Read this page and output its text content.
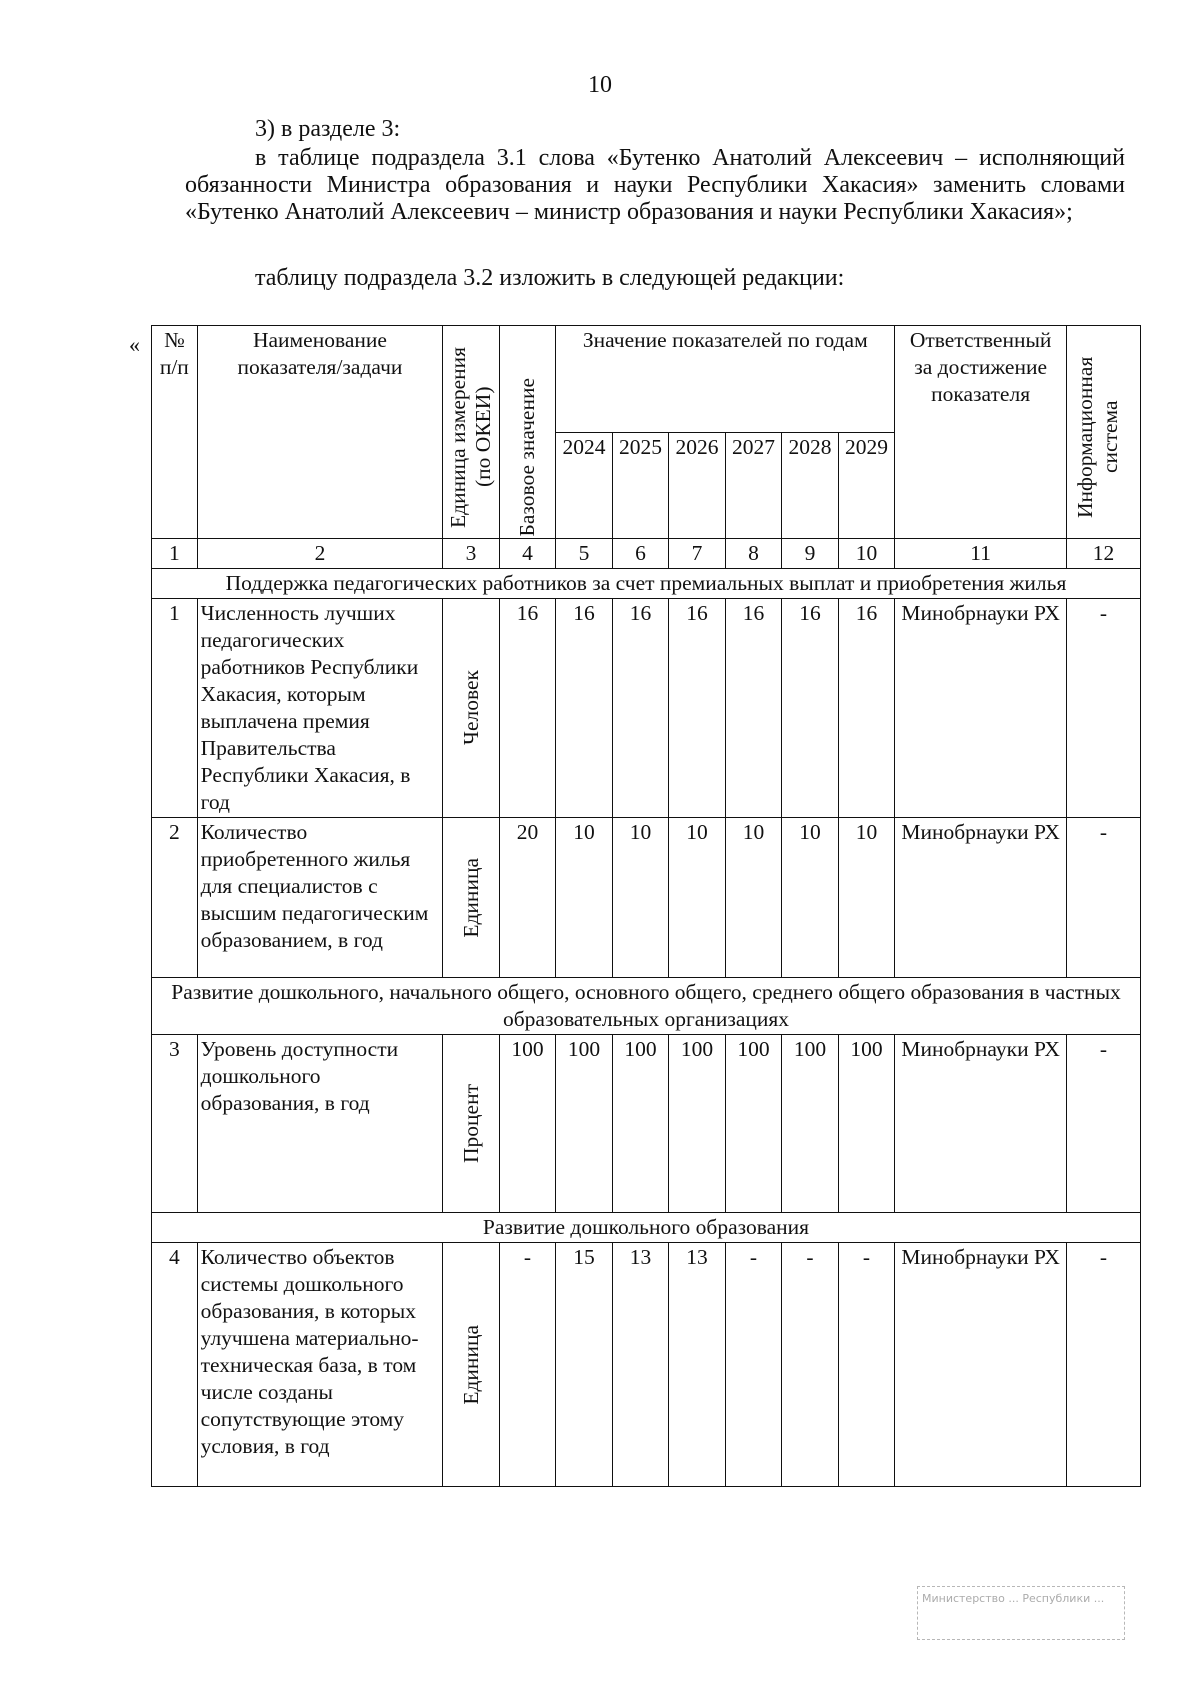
10
3) в разделе 3:
в таблице подраздела 3.1 слова «Бутенко Анатолий Алексеевич – исполняющий обязанности Министра образования и науки Республики Хакасия» заменить словами «Бутенко Анатолий Алексеевич – министр образования и науки Республики Хакасия»;
таблицу подраздела 3.2 изложить в следующей редакции:
« № п/п	Наименование показателя/задачи	Единица измерения (по ОКЕИ)	Базовое значение	Значение показателей по годам						Ответственный за достижение показателя	Информационная система

				2024	2025	2026	2027	2028	2029		
1	2	3	4	5	6	7	8	9	10	11	12
Поддержка педагогических работников за счет премиальных выплат и приобретения жилья											
1	Численность лучших педагогических работников Республики Хакасия, которым выплачена премия Правительства Республики Хакасия, в год	Человек	16	16	16	16	16	16	16	Минобрнауки РХ	-
2	Количество приобретенного жилья для специалистов с высшим педагогическим образованием, в год	Единица	20	10	10	10	10	10	10	Минобрнауки РХ	-
Развитие дошкольного, начального общего, основного общего, среднего общего образования в частных образовательных организациях											
3	Уровень доступности дошкольного образования, в год	Процент	100	100	100	100	100	100	100	Минобрнауки РХ	-
Развитие дошкольного образования											
4	Количество объектов системы дошкольного образования, в которых улучшена материально-техническая база, в том числе созданы сопутствующие этому условия, в год	Единица	-	15	13	13	-	-	-	Минобрнауки РХ	-
Министерство ... Республики ...
